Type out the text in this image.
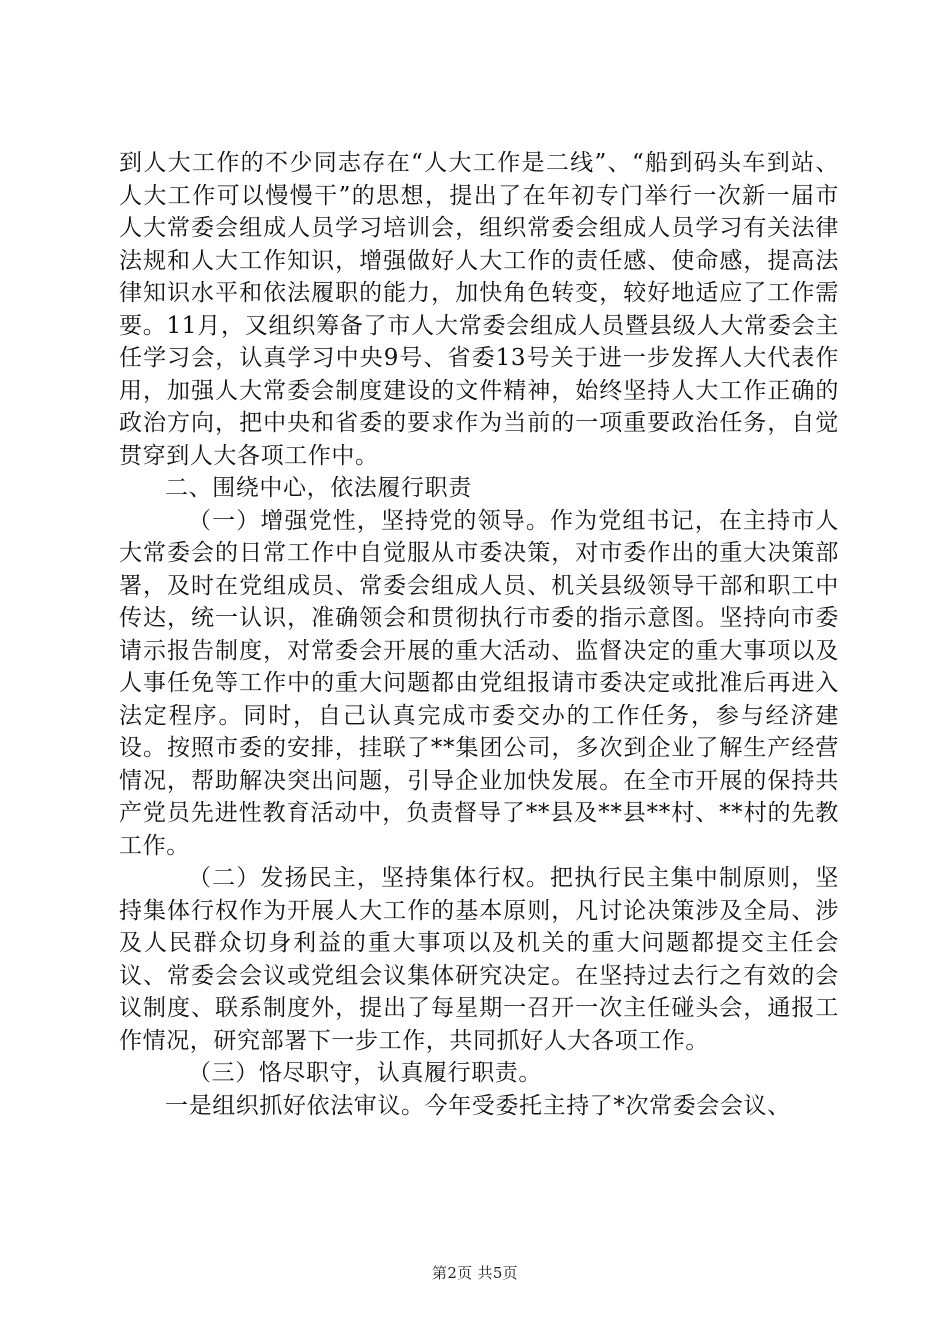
到人大工作的不少同志存在“人大工作是二线”、“船到码头车到站、人大工作可以慢慢干”的思想，提出了在年初专门举行一次新一届市人大常委会组成人员学习培训会，组织常委会组成人员学习有关法律法规和人大工作知识，增强做好人大工作的责任感、使命感，提高法律知识水平和依法履职的能力，加快角色转变，较好地适应了工作需要。11月，又组织筹备了市人大常委会组成人员暨县级人大常委会主任学习会，认真学习中央9号、省委13号关于进一步发挥人大代表作用，加强人大常委会制度建设的文件精神，始终坚持人大工作正确的政治方向，把中央和省委的要求作为当前的一项重要政治任务，自觉贯穿到人大各项工作中。

二、围绕中心，依法履行职责

（一）增强党性，坚持党的领导。作为党组书记，在主持市人大常委会的日常工作中自觉服从市委决策，对市委作出的重大决策部署，及时在党组成员、常委会组成人员、机关县级领导干部和职工中传达，统一认识，准确领会和贯彻执行市委的指示意图。坚持向市委请示报告制度，对常委会开展的重大活动、监督决定的重大事项以及人事任免等工作中的重大问题都由党组报请市委决定或批准后再进入法定程序。同时，自己认真完成市委交办的工作任务，参与经济建设。按照市委的安排，挂联了**集团公司，多次到企业了解生产经营情况，帮助解决突出问题，引导企业加快发展。在全市开展的保持共产党员先进性教育活动中，负责督导了**县及**县**村、**村的先教工作。

（二）发扬民主，坚持集体行权。把执行民主集中制原则，坚持集体行权作为开展人大工作的基本原则，凡讨论决策涉及全局、涉及人民群众切身利益的重大事项以及机关的重大问题都提交主任会议、常委会会议或党组会议集体研究决定。在坚持过去行之有效的会议制度、联系制度外，提出了每星期一召开一次主任碰头会，通报工作情况，研究部署下一步工作，共同抓好人大各项工作。

（三）恪尽职守，认真履行职责。

一是组织抓好依法审议。今年受委托主持了*次常委会会议、

第2页 共5页
